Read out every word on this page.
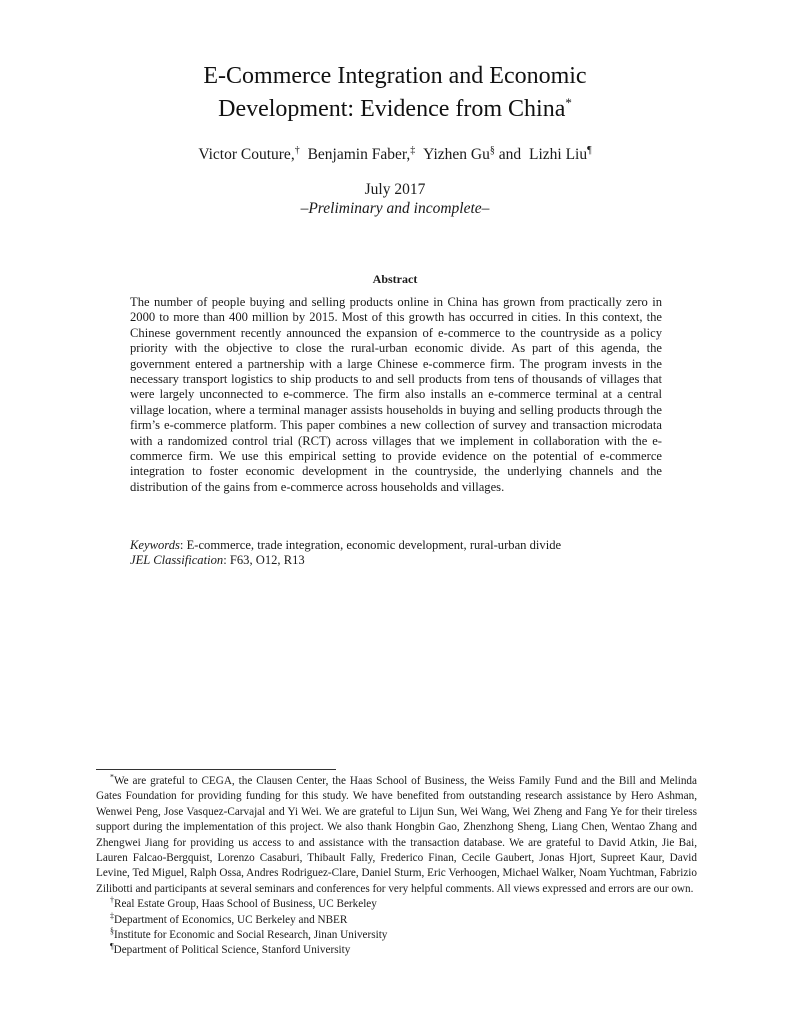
E-Commerce Integration and Economic
Development: Evidence from China*
Victor Couture,† Benjamin Faber,‡ Yizhen Gu§ and Lizhi Liu¶
July 2017
–Preliminary and incomplete–
Abstract
The number of people buying and selling products online in China has grown from practically zero in 2000 to more than 400 million by 2015. Most of this growth has occurred in cities. In this context, the Chinese government recently announced the expansion of e-commerce to the countryside as a policy priority with the objective to close the rural-urban economic divide. As part of this agenda, the government entered a partnership with a large Chinese e-commerce firm. The program invests in the necessary transport logistics to ship products to and sell products from tens of thousands of villages that were largely unconnected to e-commerce. The firm also installs an e-commerce terminal at a central village location, where a terminal manager assists households in buying and selling products through the firm’s e-commerce platform. This paper combines a new collection of survey and transaction microdata with a randomized control trial (RCT) across villages that we implement in collaboration with the e-commerce firm. We use this empirical setting to provide evidence on the potential of e-commerce integration to foster economic development in the countryside, the underlying channels and the distribution of the gains from e-commerce across households and villages.
Keywords: E-commerce, trade integration, economic development, rural-urban divide
JEL Classification: F63, O12, R13

*We are grateful to CEGA, the Clausen Center, the Haas School of Business, the Weiss Family Fund and the Bill and Melinda Gates Foundation for providing funding for this study. We have benefited from outstanding research assistance by Hero Ashman, Wenwei Peng, Jose Vasquez-Carvajal and Yi Wei. We are grateful to Lijun Sun, Wei Wang, Wei Zheng and Fang Ye for their tireless support during the implementation of this project. We also thank Hongbin Gao, Zhenzhong Sheng, Liang Chen, Wentao Zhang and Zhengwei Jiang for providing us access to and assistance with the transaction database. We are grateful to David Atkin, Jie Bai, Lauren Falcao-Bergquist, Lorenzo Casaburi, Thibault Fally, Frederico Finan, Cecile Gaubert, Jonas Hjort, Supreet Kaur, David Levine, Ted Miguel, Ralph Ossa, Andres Rodriguez-Clare, Daniel Sturm, Eric Verhoogen, Michael Walker, Noam Yuchtman, Fabrizio Zilibotti and participants at several seminars and conferences for very helpful comments. All views expressed and errors are our own.

†Real Estate Group, Haas School of Business, UC Berkeley

‡Department of Economics, UC Berkeley and NBER

§Institute for Economic and Social Research, Jinan University

¶Department of Political Science, Stanford University
